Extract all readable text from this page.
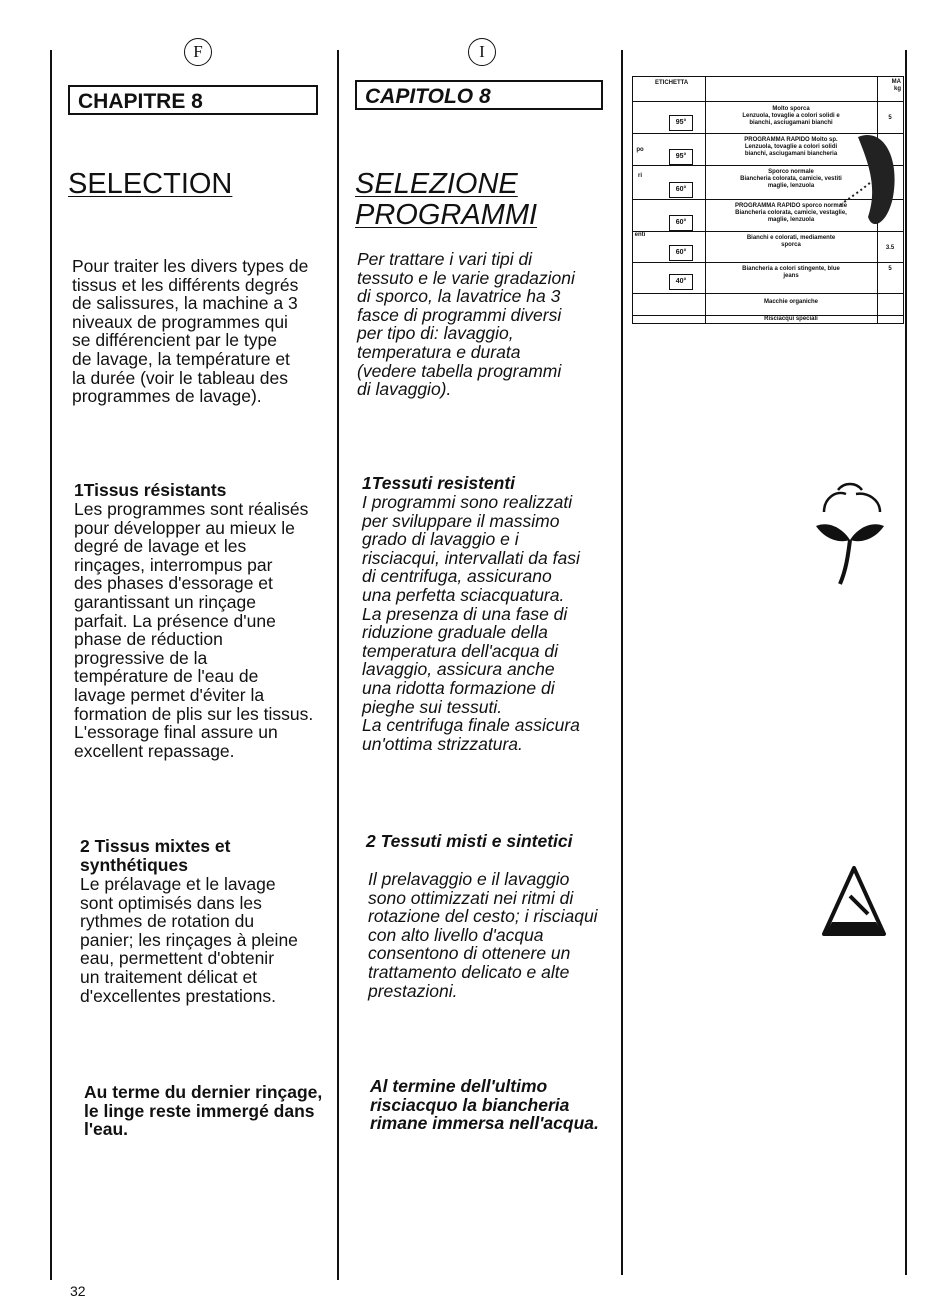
F
CHAPITRE 8
SELECTION
Pour traiter les divers types de
tissus et les différents degrés
de salissures, la machine a 3
niveaux de programmes qui
se différencient par le type
de lavage, la température et
la durée (voir le tableau des
programmes de lavage).
1Tissus résistants
Les programmes sont réalisés
pour développer au mieux le
degré de lavage et les
rinçages, interrompus par
des phases d'essorage et
garantissant un rinçage
parfait. La présence d'une
phase de réduction
progressive de la
température de l'eau de
lavage permet d'éviter la
formation de plis sur les tissus.
L'essorage final assure un
excellent repassage.
2 Tissus mixtes et
synthétiques
Le prélavage et le lavage
sont optimisés dans les
rythmes de rotation du
panier; les rinçages à pleine
eau, permettent d'obtenir
un traitement délicat et
d'excellentes prestations.
Au terme du dernier rinçage,
le linge reste immergé dans
l'eau.
I
CAPITOLO 8
SELEZIONE
PROGRAMMI
Per trattare i vari tipi di
tessuto e le varie gradazioni
di sporco, la lavatrice ha 3
fasce di programmi diversi
per tipo di: lavaggio,
temperatura e durata
(vedere tabella programmi
di lavaggio).
1Tessuti resistenti
I programmi sono realizzati
per sviluppare il massimo
grado di lavaggio e i
risciacqui, intervallati da fasi
di centrifuga, assicurano
una perfetta sciacquatura.
La presenza di una fase di
riduzione graduale della
temperatura dell'acqua di
lavaggio, assicura anche
una ridotta formazione di
pieghe sui tessuti.
La centrifuga finale assicura
un'ottima strizzatura.
2 Tessuti misti e sintetici
Il prelavaggio e il lavaggio
sono ottimizzati nei ritmi di
rotazione del cesto; i risciaqui
con alto livello d'acqua
consentono di ottenere un
trattamento delicato e alte
prestazioni.
Al termine dell'ultimo
risciacquo la biancheria
rimane immersa nell'acqua.
ETICHETTA	MA
kg
po
ri
enti
95°
Molto sporca
Lenzuola, tovaglie a colori solidi e
bianchi, asciugamani bianchi
5
95°
PROGRAMMA RAPIDO Molto sp.
Lenzuola, tovaglie a colori solidi
bianchi, asciugamani biancheria
60°
Sporco normale
Biancheria colorata, camicie, vestiti
maglie, lenzuola
60°
PROGRAMMA RAPIDO sporco normale
Biancheria colorata, camicie, vestaglie,
maglie, lenzuola
60°
Bianchi e colorati, mediamente
sporca	3.5
40°
Biancheria a colori stingente, blue
jeans
5
Macchie organiche
Risciacqui speciali
32
